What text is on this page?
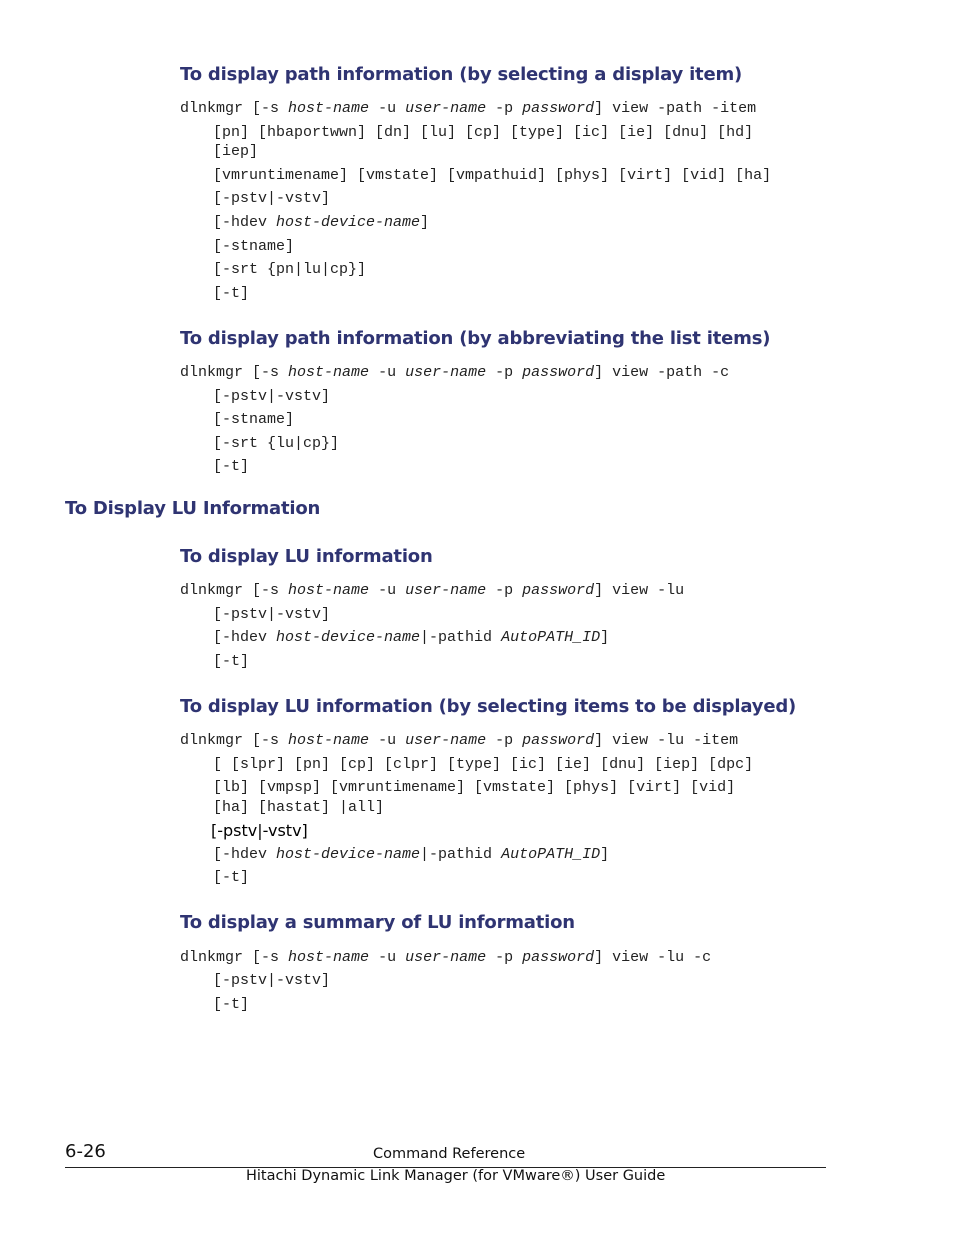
To display path information (by selecting a display item)
dlnkmgr [-s host-name -u user-name -p password] view -path -item
[pn] [hbaportwwn] [dn] [lu] [cp] [type] [ic] [ie] [dnu] [hd]
[iep]
[vmruntimename] [vmstate] [vmpathuid] [phys] [virt] [vid] [ha]
[-pstv|-vstv]
[-hdev host-device-name]
[-stname]
[-srt {pn|lu|cp}]
[-t]
To display path information (by abbreviating the list items)
dlnkmgr [-s host-name -u user-name -p password] view -path -c
[-pstv|-vstv]
[-stname]
[-srt {lu|cp}]
[-t]
To Display LU Information
To display LU information
dlnkmgr [-s host-name -u user-name -p password] view -lu
[-pstv|-vstv]
[-hdev host-device-name|-pathid AutoPATH_ID]
[-t]
To display LU information (by selecting items to be displayed)
dlnkmgr [-s host-name -u user-name -p password] view -lu -item
[ [slpr] [pn] [cp] [clpr] [type] [ic] [ie] [dnu] [iep] [dpc]
[lb] [vmpsp] [vmruntimename] [vmstate] [phys] [virt] [vid]
[ha] [hastat] |all]
[-pstv|-vstv]
[-hdev host-device-name|-pathid AutoPATH_ID]
[-t]
To display a summary of LU information
dlnkmgr [-s host-name -u user-name -p password] view -lu -c
[-pstv|-vstv]
[-t]
6-26	Command Reference
Hitachi Dynamic Link Manager (for VMware®) User Guide
